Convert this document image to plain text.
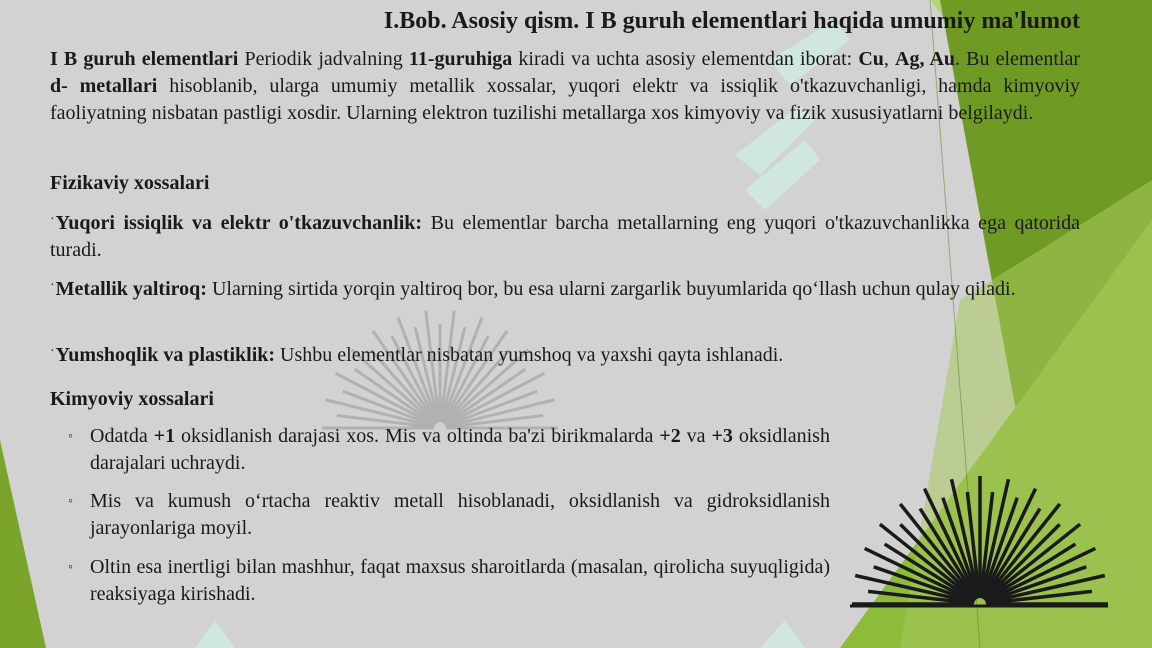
I.Bob. Asosiy qism. I B guruh elementlari haqida umumiy ma'lumot

I B guruh elementlari Periodik jadvalning 11-guruhiga kiradi va uchta asosiy elementdan iborat: Cu, Ag, Au. Bu elementlar d- metallari hisoblanib, ularga umumiy metallik xossalar, yuqori elektr va issiqlik o'tkazuvchanligi, hamda kimyoviy faoliyatning nisbatan pastligi xosdir. Ularning elektron tuzilishi metallarga xos kimyoviy va fizik xususiyatlarni belgilaydi.

Fizikaviy xossalari

·Yuqori issiqlik va elektr o'tkazuvchanlik: Bu elementlar barcha metallarning eng yuqori o'tkazuvchanlikka ega qatorida turadi.

·Metallik yaltiroq: Ularning sirtida yorqin yaltiroq bor, bu esa ularni zargarlik buyumlarida qo‘llash uchun qulay qiladi.

·Yumshoqlik va plastiklik: Ushbu elementlar nisbatan yumshoq va yaxshi qayta ishlanadi.

Kimyoviy xossalari

◦ Odatda +1 oksidlanish darajasi xos. Mis va oltinda ba'zi birikmalarda +2 va +3 oksidlanish darajalari uchraydi.

◦ Mis va kumush o‘rtacha reaktiv metall hisoblanadi, oksidlanish va gidroksidlanish jarayonlariga moyil.

◦ Oltin esa inertligi bilan mashhur, faqat maxsus sharoitlarda (masalan, qirolicha suyuqligida) reaksiyaga kirishadi.
